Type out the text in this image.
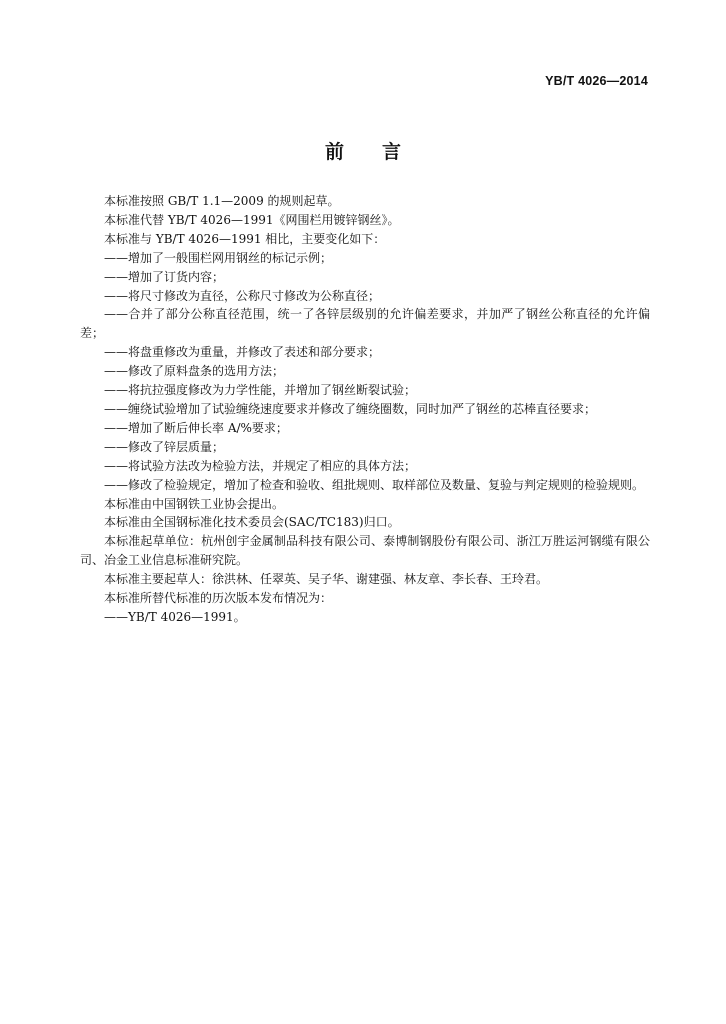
YB/T 4026—2014
前言

本标准按照 GB/T 1.1—2009 的规则起草。

本标准代替 YB/T 4026—1991《网围栏用镀锌钢丝》。

本标准与 YB/T 4026—1991 相比，主要变化如下：

——增加了一般围栏网用钢丝的标记示例；

——增加了订货内容；

——将尺寸修改为直径，公称尺寸修改为公称直径；

——合并了部分公称直径范围，统一了各锌层级别的允许偏差要求，并加严了钢丝公称直径的允许偏差；

——将盘重修改为重量，并修改了表述和部分要求；

——修改了原料盘条的选用方法；

——将抗拉强度修改为力学性能，并增加了钢丝断裂试验；

——缠绕试验增加了试验缠绕速度要求并修改了缠绕圈数，同时加严了钢丝的芯棒直径要求；

——增加了断后伸长率 A/%要求；

——修改了锌层质量；

——将试验方法改为检验方法，并规定了相应的具体方法；

——修改了检验规定，增加了检查和验收、组批规则、取样部位及数量、复验与判定规则的检验规则。

本标准由中国钢铁工业协会提出。

本标准由全国钢标准化技术委员会(SAC/TC183)归口。

本标准起草单位：杭州创宇金属制品科技有限公司、泰博制钢股份有限公司、浙江万胜运河钢缆有限公司、冶金工业信息标准研究院。

本标准主要起草人：徐洪林、任翠英、吴子华、谢建强、林友章、李长春、王玲君。

本标准所替代标准的历次版本发布情况为：

——YB/T 4026—1991。
